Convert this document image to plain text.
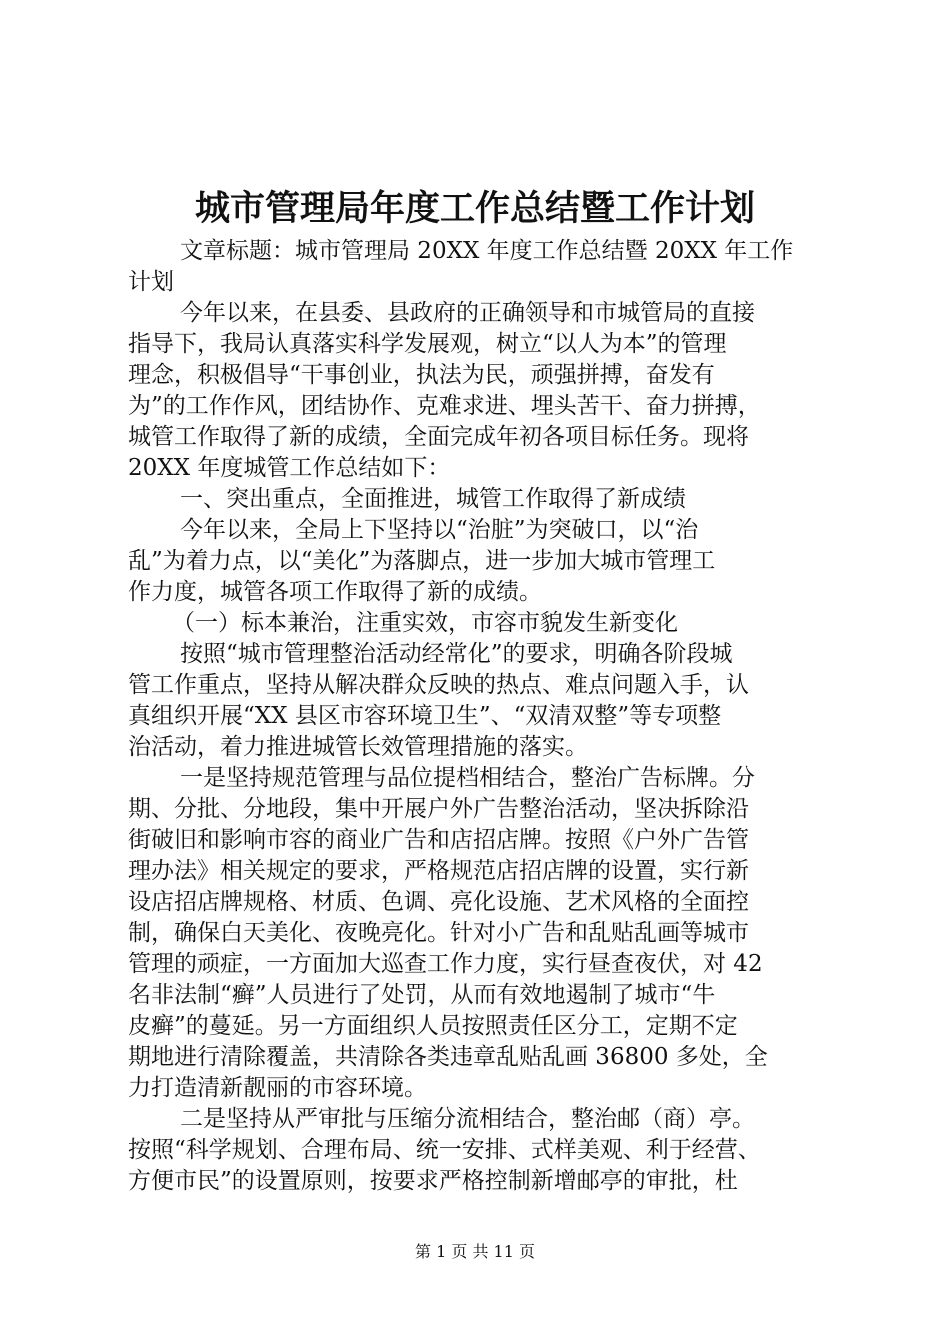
城市管理局年度工作总结暨工作计划
文章标题：城市管理局 20XX 年度工作总结暨 20XX 年工作
计划
今年以来，在县委、县政府的正确领导和市城管局的直接
指导下，我局认真落实科学发展观，树立“以人为本”的管理
理念，积极倡导“干事创业，执法为民，顽强拼搏，奋发有
为”的工作作风，团结协作、克难求进、埋头苦干、奋力拼搏，
城管工作取得了新的成绩，全面完成年初各项目标任务。现将
20XX 年度城管工作总结如下：
一、突出重点，全面推进，城管工作取得了新成绩
今年以来，全局上下坚持以“治脏”为突破口，以“治
乱”为着力点，以“美化”为落脚点，进一步加大城市管理工
作力度，城管各项工作取得了新的成绩。
（一）标本兼治，注重实效，市容市貌发生新变化
按照“城市管理整治活动经常化”的要求，明确各阶段城
管工作重点，坚持从解决群众反映的热点、难点问题入手，认
真组织开展“XX 县区市容环境卫生”、“双清双整”等专项整
治活动，着力推进城管长效管理措施的落实。
一是坚持规范管理与品位提档相结合，整治广告标牌。分
期、分批、分地段，集中开展户外广告整治活动，坚决拆除沿
街破旧和影响市容的商业广告和店招店牌。按照《户外广告管
理办法》相关规定的要求，严格规范店招店牌的设置，实行新
设店招店牌规格、材质、色调、亮化设施、艺术风格的全面控
制，确保白天美化、夜晚亮化。针对小广告和乱贴乱画等城市
管理的顽症，一方面加大巡查工作力度，实行昼查夜伏，对 42
名非法制“癣”人员进行了处罚，从而有效地遏制了城市“牛
皮癣”的蔓延。另一方面组织人员按照责任区分工，定期不定
期地进行清除覆盖，共清除各类违章乱贴乱画 36800 多处，全
力打造清新靓丽的市容环境。
二是坚持从严审批与压缩分流相结合，整治邮（商）亭。
按照“科学规划、合理布局、统一安排、式样美观、利于经营、
方便市民”的设置原则，按要求严格控制新增邮亭的审批，杜
第 1 页 共 11 页
